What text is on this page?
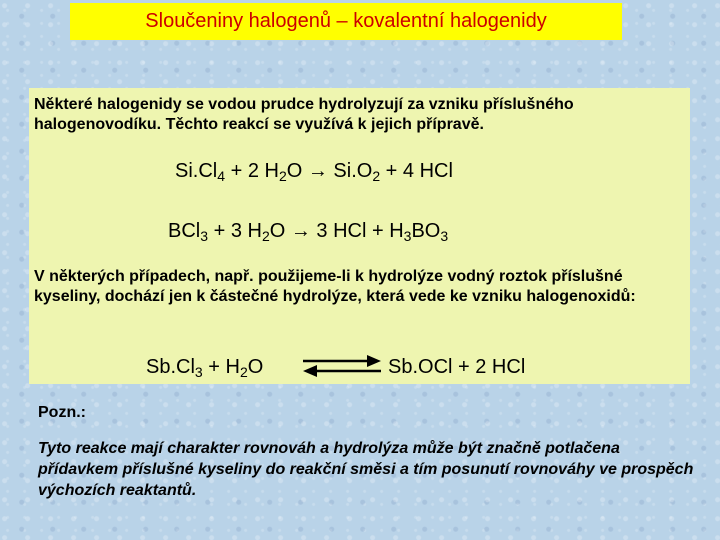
Sloučeniny halogenů – kovalentní halogenidy

Některé halogenidy se vodou prudce hydrolyzují za vzniku příslušného halogenovodíku. Těchto reakcí se využívá k jejich přípravě.

$Si.Cl_4 + 2$ $H_2O \to Si.O_2 + 4$ HCl

BCl$_3$ + 3 $H_2O \to 3$ HCl + $H_3BO_3$

V některých případech, např. použijeme-li k hydrolýze vodný roztok příslušné kyseliny, dochází jen k částečné hydrolýze, která vede ke vzniku halogenoxidů:

$Sb.Cl_3 + H_2O$	Sb.OCl + 2 HCl

Pozn.:

Tyto reakce mají charakter rovnováh a hydrolýza může být značně potlačena přídavkem příslušné kyseliny do reakční směsi a tím posunutí rovnováhy ve prospěch výchozích reaktantů.
